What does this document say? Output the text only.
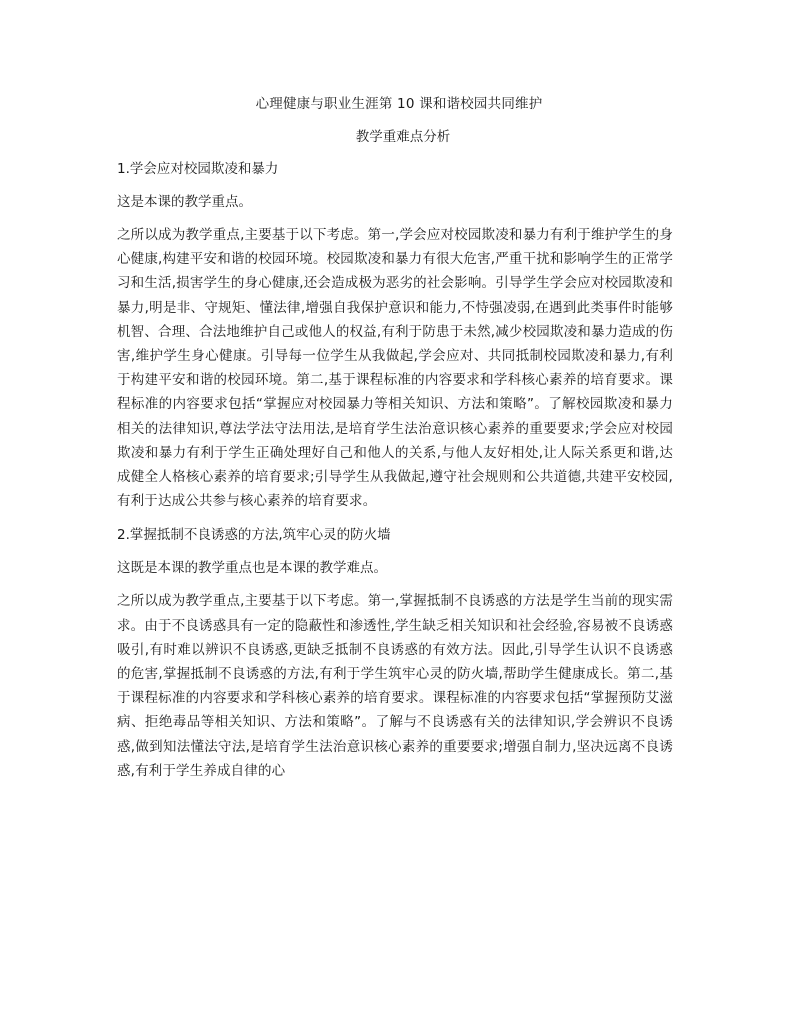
心理健康与职业生涯第 10 课和谐校园共同维护

教学重难点分析

1.学会应对校园欺凌和暴力

这是本课的教学重点。

之所以成为教学重点,主要基于以下考虑。第一,学会应对校园欺凌和暴力有利于维护学生的身心健康,构建平安和谐的校园环境。校园欺凌和暴力有很大危害,严重干扰和影响学生的正常学习和生活,损害学生的身心健康,还会造成极为恶劣的社会影响。引导学生学会应对校园欺凌和暴力,明是非、守规矩、懂法律,增强自我保护意识和能力,不恃强凌弱,在遇到此类事件时能够机智、合理、合法地维护自己或他人的权益,有利于防患于未然,减少校园欺凌和暴力造成的伤害,维护学生身心健康。引导每一位学生从我做起,学会应对、共同抵制校园欺凌和暴力,有利于构建平安和谐的校园环境。第二,基于课程标准的内容要求和学科核心素养的培育要求。课程标准的内容要求包括“掌握应对校园暴力等相关知识、方法和策略”。了解校园欺凌和暴力相关的法律知识,尊法学法守法用法,是培育学生法治意识核心素养的重要要求;学会应对校园欺凌和暴力有利于学生正确处理好自己和他人的关系,与他人友好相处,让人际关系更和谐,达成健全人格核心素养的培育要求;引导学生从我做起,遵守社会规则和公共道德,共建平安校园,有利于达成公共参与核心素养的培育要求。

2.掌握抵制不良诱惑的方法,筑牢心灵的防火墙

这既是本课的教学重点也是本课的教学难点。

之所以成为教学重点,主要基于以下考虑。第一,掌握抵制不良诱惑的方法是学生当前的现实需求。由于不良诱惑具有一定的隐蔽性和渗透性,学生缺乏相关知识和社会经验,容易被不良诱惑吸引,有时难以辨识不良诱惑,更缺乏抵制不良诱惑的有效方法。因此,引导学生认识不良诱惑的危害,掌握抵制不良诱惑的方法,有利于学生筑牢心灵的防火墙,帮助学生健康成长。第二,基于课程标准的内容要求和学科核心素养的培育要求。课程标准的内容要求包括“掌握预防艾滋病、拒绝毒品等相关知识、方法和策略”。了解与不良诱惑有关的法律知识,学会辨识不良诱惑,做到知法懂法守法,是培育学生法治意识核心素养的重要要求;增强自制力,坚决远离不良诱惑,有利于学生养成自律的心
